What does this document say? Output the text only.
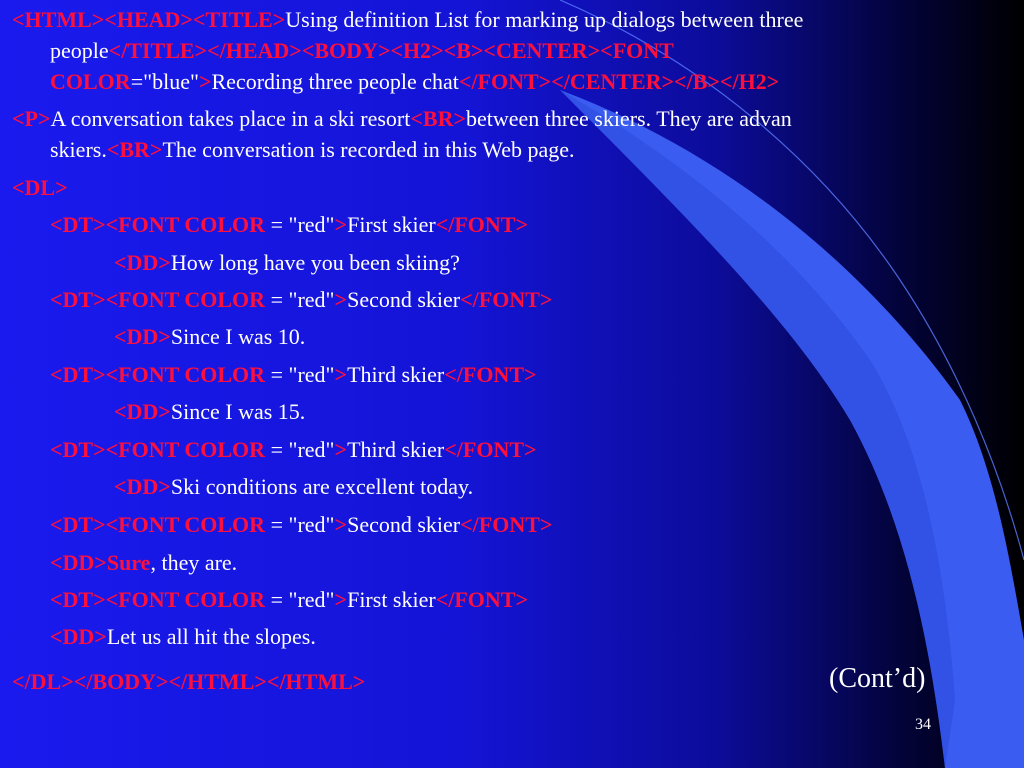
<HTML><HEAD><TITLE>Using definition List for marking up dialogs between three
people</TITLE></HEAD><BODY><H2><B><CENTER><FONT
COLOR="blue">Recording three people chat</FONT></CENTER></B></H2>
<P>A conversation takes place in a ski resort<BR>between three skiers. They are advan
skiers.<BR>The conversation is recorded in this Web page.
<DL>
<DT><FONT COLOR = "red">First skier</FONT>
<DD>How long have you been skiing?
<DT><FONT COLOR = "red">Second skier</FONT>
<DD>Since I was 10.
<DT><FONT COLOR = "red">Third skier</FONT>
<DD>Since I was 15.
<DT><FONT COLOR = "red">Third skier</FONT>
<DD>Ski conditions are excellent today.
<DT><FONT COLOR = "red">Second skier</FONT>
<DD>Sure, they are.
<DT><FONT COLOR = "red">First skier</FONT>
<DD>Let us all hit the slopes.
</DL></BODY></HTML></HTML>	(Cont’d)
34
